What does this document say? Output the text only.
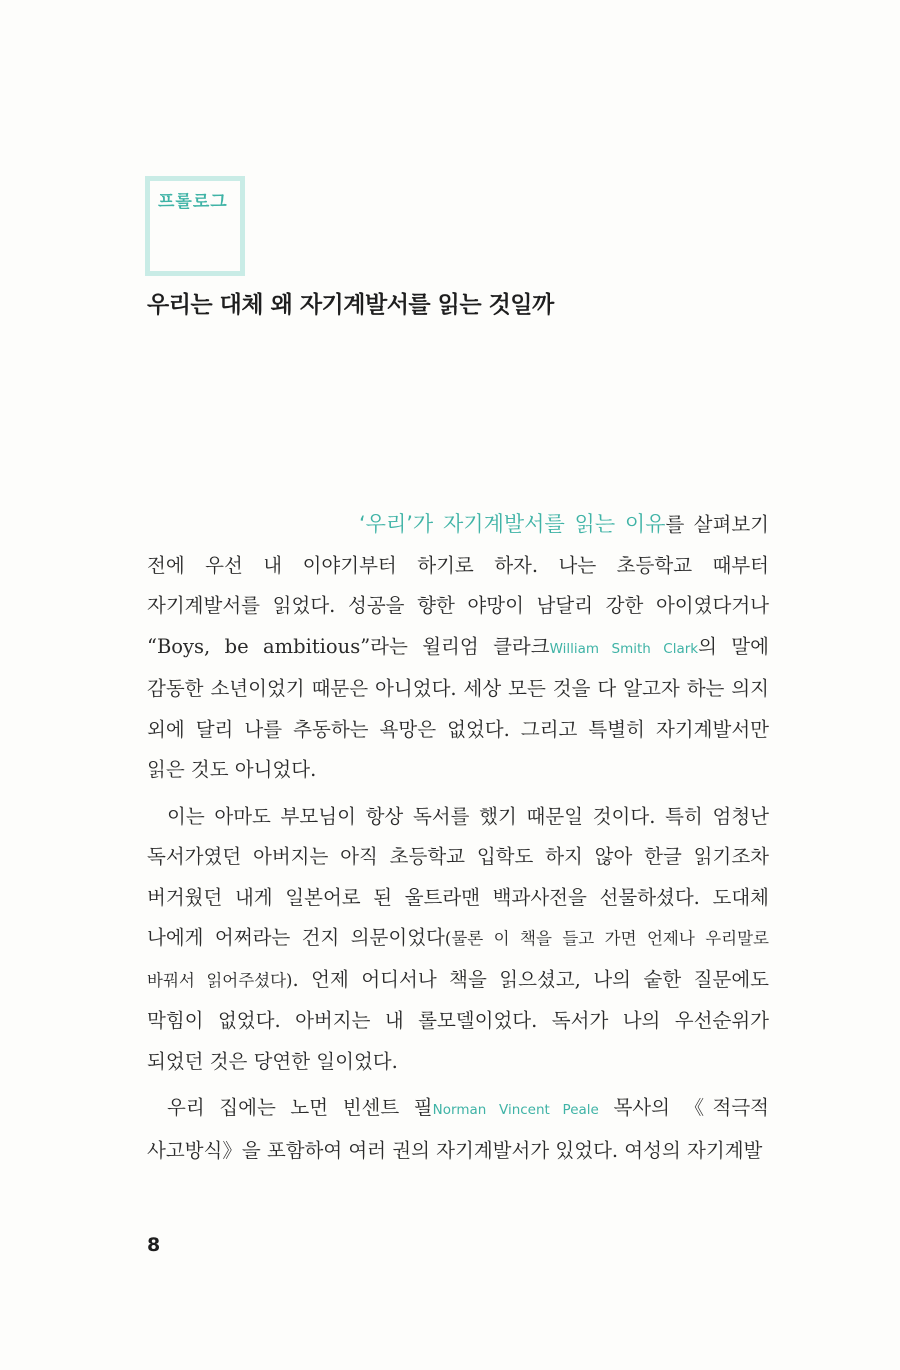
프롤로그
우리는 대체 왜 자기계발서를 읽는 것일까

‘우리’가 자기계발서를 읽는 이유를 살펴보기 전에 우선 내 이야기부터 하기로 하자. 나는 초등학교 때부터 자기계발서를 읽었다. 성공을 향한 야망이 남달리 강한 아이였다거나 “Boys, be ambitious”라는 윌리엄 클라크William Smith Clark의 말에 감동한 소년이었기 때문은 아니었다. 세상 모든 것을 다 알고자 하는 의지 외에 달리 나를 추동하는 욕망은 없었다. 그리고 특별히 자기계발서만 읽은 것도 아니었다.

이는 아마도 부모님이 항상 독서를 했기 때문일 것이다. 특히 엄청난 독서가였던 아버지는 아직 초등학교 입학도 하지 않아 한글 읽기조차 버거웠던 내게 일본어로 된 울트라맨 백과사전을 선물하셨다. 도대체 나에게 어쩌라는 건지 의문이었다(물론 이 책을 들고 가면 언제나 우리말로 바꿔서 읽어주셨다). 언제 어디서나 책을 읽으셨고, 나의 숱한 질문에도 막힘이 없었다. 아버지는 내 롤모델이었다. 독서가 나의 우선순위가 되었던 것은 당연한 일이었다.

우리 집에는 노먼 빈센트 필Norman Vincent Peale 목사의 《적극적 사고방식》을 포함하여 여러 권의 자기계발서가 있었다. 여성의 자기계발

8
